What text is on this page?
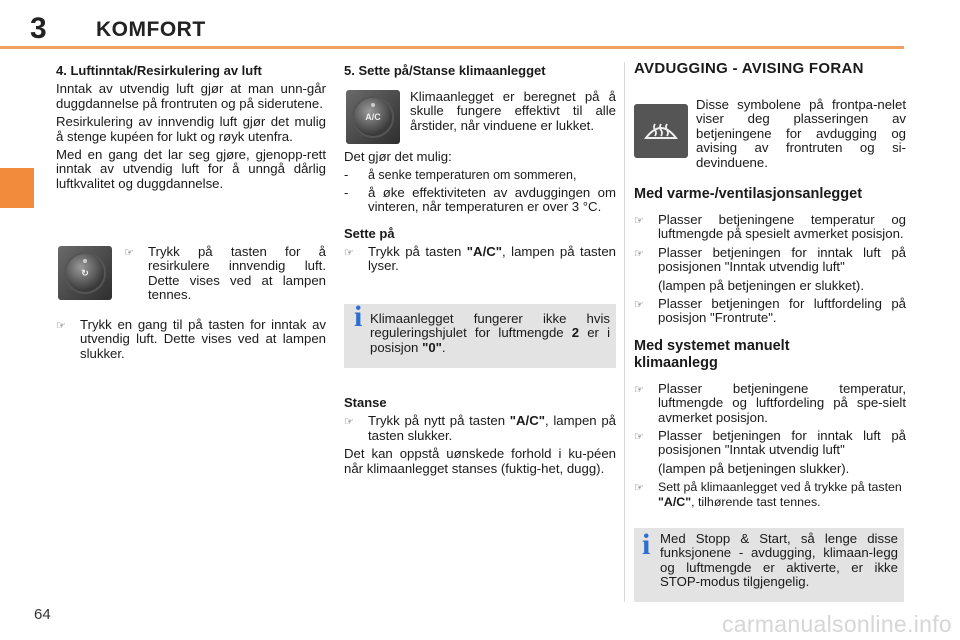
3 KOMFORT
4. Luftinntak/Resirkulering av luft

Inntak av utvendig luft gjør at man unn-går duggdannelse på frontruten og på siderutene.

Resirkulering av innvendig luft gjør det mulig å stenge kupéen for lukt og røyk utenfra.

Med en gang det lar seg gjøre, gjenopp-rett inntak av utvendig luft for å unngå dårlig luftkvalitet og duggdannelse.

↻
☞	Trykk på tasten for å resirkulere innvendig luft. Dette vises ved at lampen tennes.
☞	Trykk en gang til på tasten for inntak av utvendig luft. Dette vises ved at lampen slukker.
5. Sette på/Stanse klimaanlegget
A/C

Klimaanlegget er beregnet på å skulle fungere effektivt til alle årstider, når vinduene er lukket.

Det gjør det mulig:

-	å senke temperaturen om sommeren,
-	å øke effektiviteten av avduggingen om vinteren, når temperaturen er over 3 °C.
Sette på
☞	Trykk på tasten "A/C", lampen på tasten lyser.
i Klimaanlegget fungerer ikke hvis reguleringshjulet for luftmengde 2 er i posisjon "0".
Stanse
☞	Trykk på nytt på tasten "A/C", lampen på tasten slukker.

Det kan oppstå uønskede forhold i ku-péen når klimaanlegget stanses (fuktig-het, dugg).

AVDUGGING - AVISING FORAN

Disse symbolene på frontpa-nelet viser deg plasseringen av betjeningene for avdugging og avising av frontruten og si-devinduene.

Med varme-/ventilasjonsanlegget
☞	Plasser betjeningene temperatur og luftmengde på spesielt avmerket posisjon.
☞	Plasser betjeningen for inntak luft på posisjonen "Inntak utvendig luft"
(lampen på betjeningen er slukket).
☞	Plasser betjeningen for luftfordeling på posisjon "Frontrute".
Med systemet manuelt klimaanlegg
☞	Plasser betjeningene temperatur, luftmengde og luftfordeling på spe-sielt avmerket posisjon.
☞	Plasser betjeningen for inntak luft på posisjonen "Inntak utvendig luft"
(lampen på betjeningen slukker).
☞	Sett på klimaanlegget ved å trykke på tasten "A/C", tilhørende tast tennes.
i Med Stopp & Start, så lenge disse funksjonene - avdugging, klimaan-legg og luftmengde er aktiverte, er ikke STOP-modus tilgjengelig.
64	carmanualsonline.info
